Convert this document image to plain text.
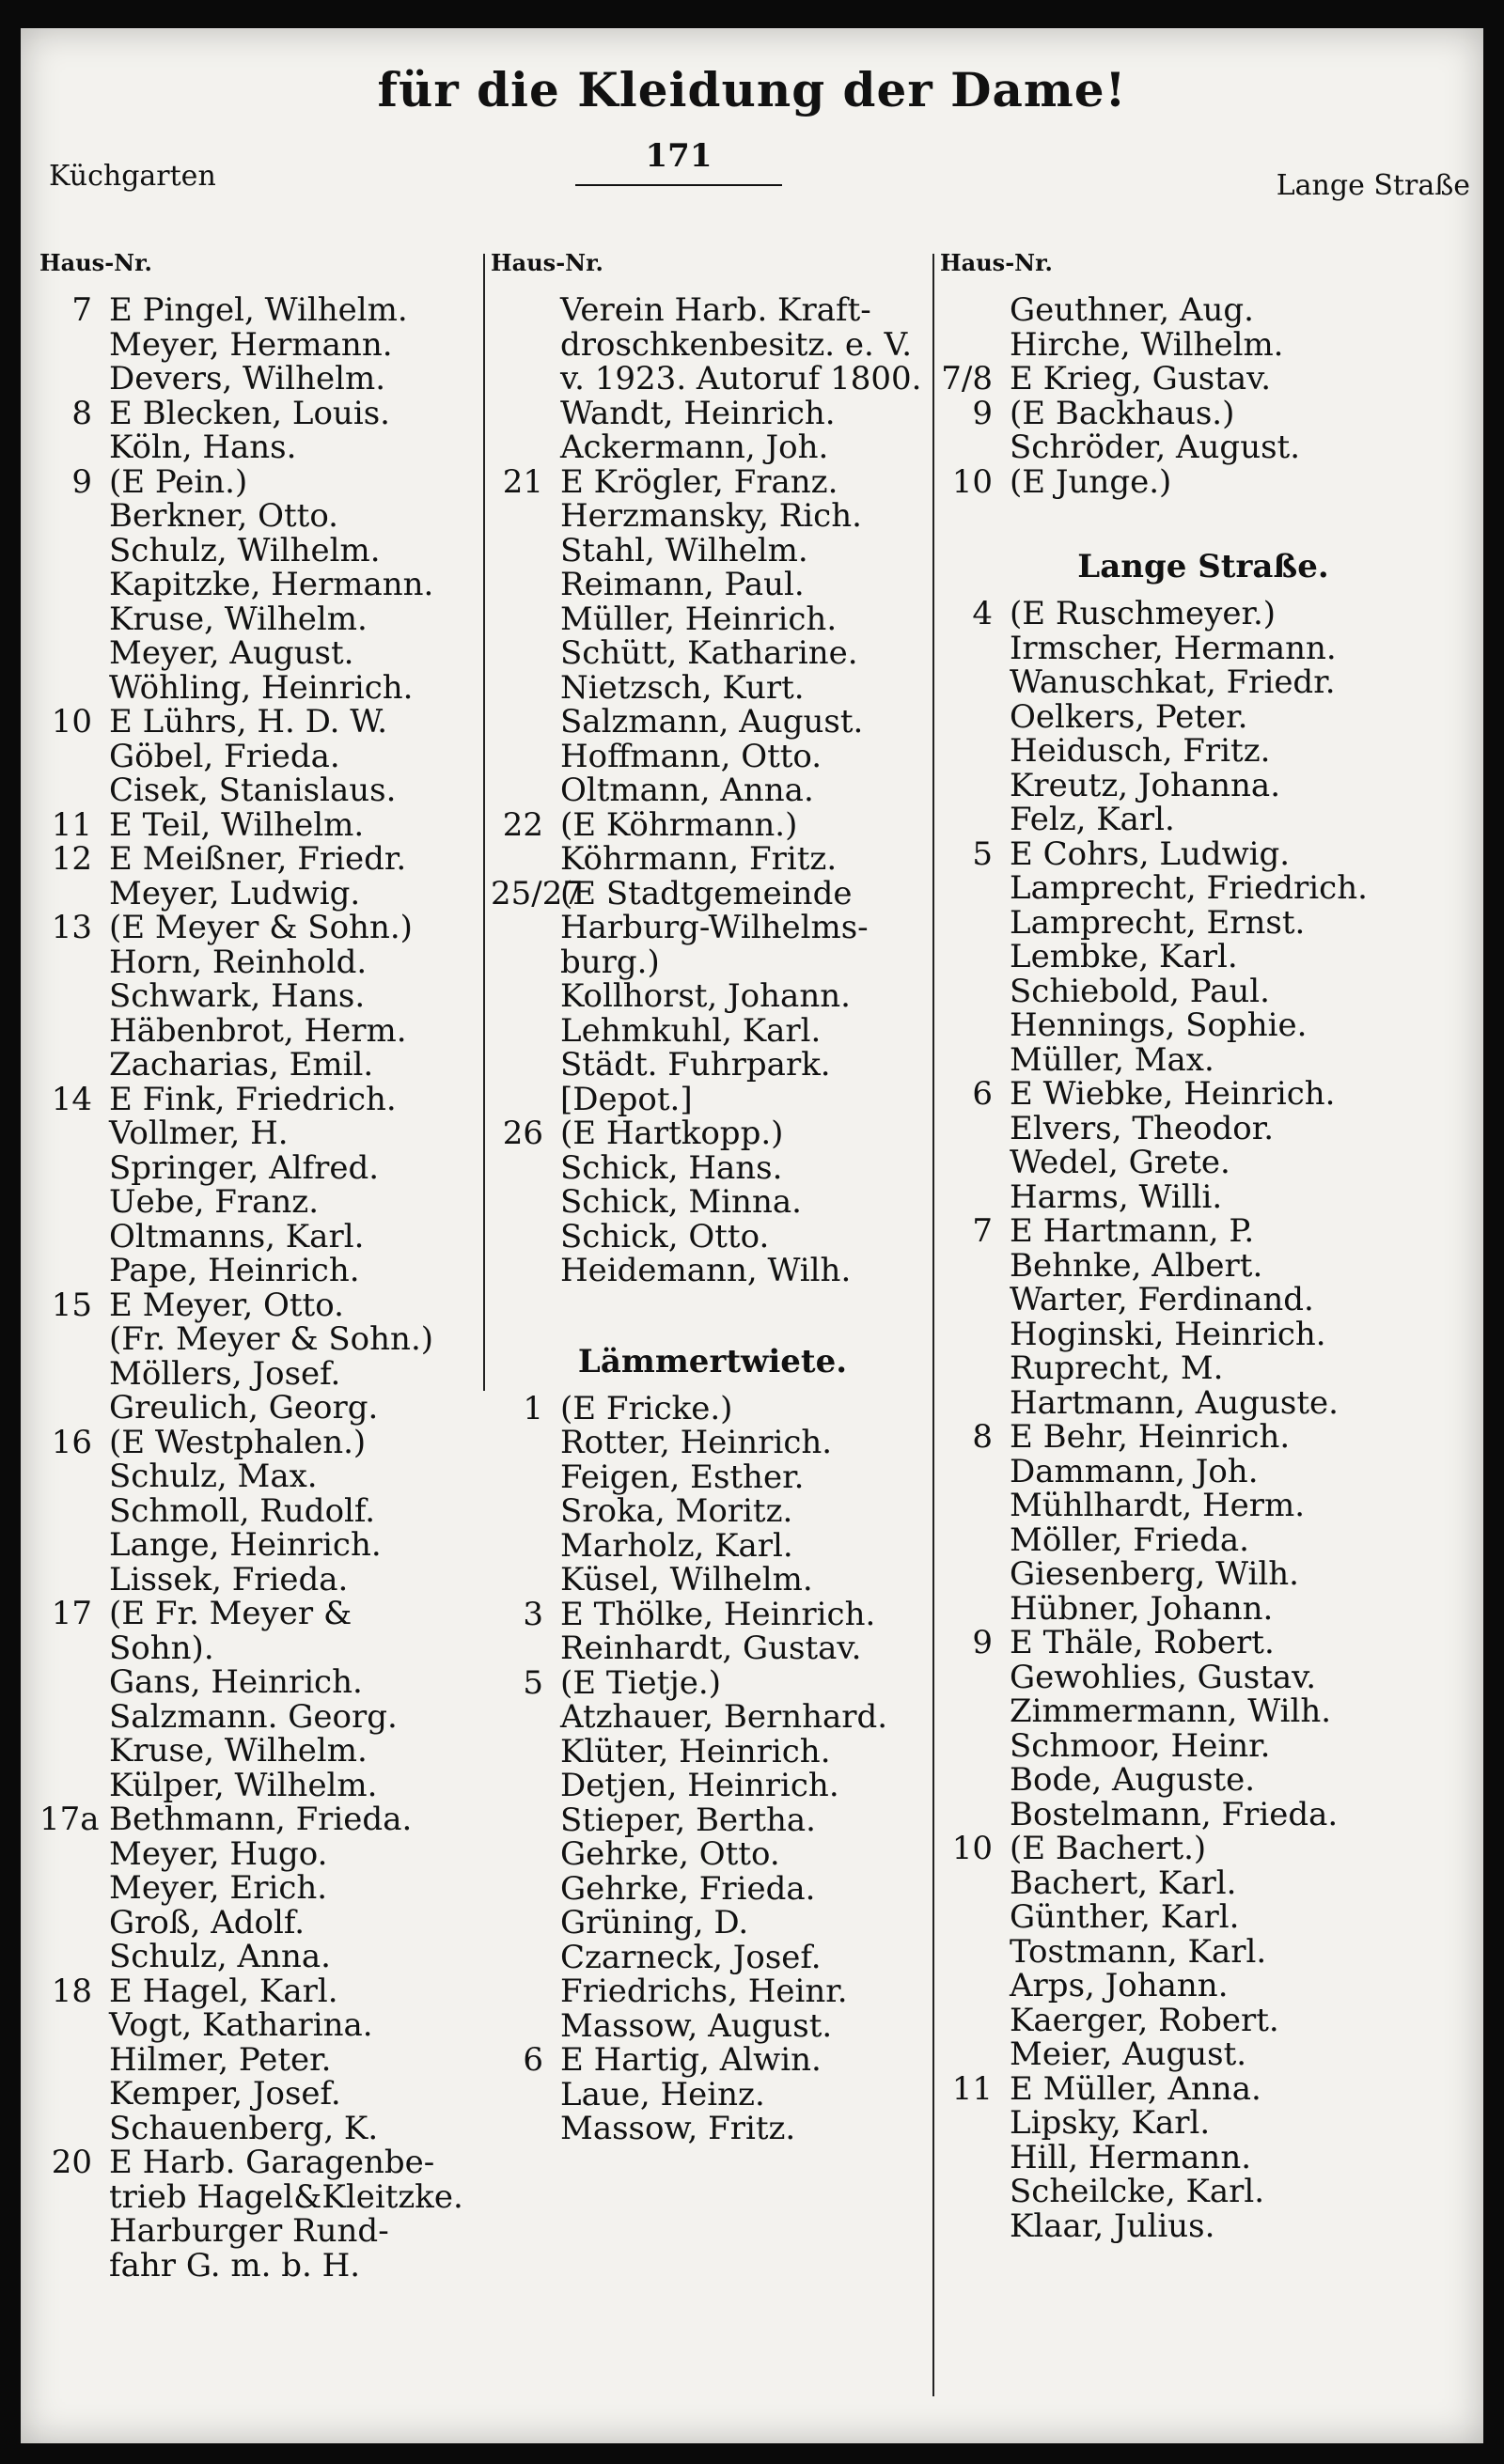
für die Kleidung der Dame!
Küchgarten
171
Lange Straße
Haus-Nr.
7 E Pingel, Wilhelm.
Meyer, Hermann.
Devers, Wilhelm.
8 E Blecken, Louis.
Köln, Hans.
9 (E Pein.)
Berkner, Otto.
Schulz, Wilhelm.
Kapitzke, Hermann.
Kruse, Wilhelm.
Meyer, August.
Wöhling, Heinrich.
10 E Lührs, H. D. W.
Göbel, Frieda.
Cisek, Stanislaus.
11 E Teil, Wilhelm.
12 E Meißner, Friedr.
Meyer, Ludwig.
13 (E Meyer & Sohn.)
Horn, Reinhold.
Schwark, Hans.
Häbenbrot, Herm.
Zacharias, Emil.
14 E Fink, Friedrich.
Vollmer, H.
Springer, Alfred.
Uebe, Franz.
Oltmanns, Karl.
Pape, Heinrich.
15 E Meyer, Otto.
(Fr. Meyer & Sohn.)
Möllers, Josef.
Greulich, Georg.
16 (E Westphalen.)
Schulz, Max.
Schmoll, Rudolf.
Lange, Heinrich.
Lissek, Frieda.
17 (E Fr. Meyer &
Sohn).
Gans, Heinrich.
Salzmann. Georg.
Kruse, Wilhelm.
Külper, Wilhelm.
17a Bethmann, Frieda.
Meyer, Hugo.
Meyer, Erich.
Groß, Adolf.
Schulz, Anna.
18 E Hagel, Karl.
Vogt, Katharina.
Hilmer, Peter.
Kemper, Josef.
Schauenberg, K.
20 E Harb. Garagenbe-
trieb Hagel&Kleitzke.
Harburger Rund-
fahr G. m. b. H.
Haus-Nr.
Verein Harb. Kraft-
droschkenbesitz. e. V.
v. 1923. Autoruf 1800.
Wandt, Heinrich.
Ackermann, Joh.
21 E Krögler, Franz.
Herzmansky, Rich.
Stahl, Wilhelm.
Reimann, Paul.
Müller, Heinrich.
Schütt, Katharine.
Nietzsch, Kurt.
Salzmann, August.
Hoffmann, Otto.
Oltmann, Anna.
22 (E Köhrmann.)
Köhrmann, Fritz.
25/27
(E Stadtgemeinde
Harburg-Wilhelms-
burg.)
Kollhorst, Johann.
Lehmkuhl, Karl.
Städt. Fuhrpark.
[Depot.]
26 (E Hartkopp.)
Schick, Hans.
Schick, Minna.
Schick, Otto.
Heidemann, Wilh.
Lämmertwiete.
1 (E Fricke.)
Rotter, Heinrich.
Feigen, Esther.
Sroka, Moritz.
Marholz, Karl.
Küsel, Wilhelm.
3 E Thölke, Heinrich.
Reinhardt, Gustav.
5 (E Tietje.)
Atzhauer, Bernhard.
Klüter, Heinrich.
Detjen, Heinrich.
Stieper, Bertha.
Gehrke, Otto.
Gehrke, Frieda.
Grüning, D.
Czarneck, Josef.
Friedrichs, Heinr.
Massow, August.
6 E Hartig, Alwin.
Laue, Heinz.
Massow, Fritz.
Haus-Nr.
Geuthner, Aug.
Hirche, Wilhelm.
7/8 E Krieg, Gustav.
9 (E Backhaus.)
Schröder, August.
10 (E Junge.)
Lange Straße.
4 (E Ruschmeyer.)
Irmscher, Hermann.
Wanuschkat, Friedr.
Oelkers, Peter.
Heidusch, Fritz.
Kreutz, Johanna.
Felz, Karl.
5 E Cohrs, Ludwig.
Lamprecht, Friedrich.
Lamprecht, Ernst.
Lembke, Karl.
Schiebold, Paul.
Hennings, Sophie.
Müller, Max.
6 E Wiebke, Heinrich.
Elvers, Theodor.
Wedel, Grete.
Harms, Willi.
7 E Hartmann, P.
Behnke, Albert.
Warter, Ferdinand.
Hoginski, Heinrich.
Ruprecht, M.
Hartmann, Auguste.
8 E Behr, Heinrich.
Dammann, Joh.
Mühlhardt, Herm.
Möller, Frieda.
Giesenberg, Wilh.
Hübner, Johann.
9 E Thäle, Robert.
Gewohlies, Gustav.
Zimmermann, Wilh.
Schmoor, Heinr.
Bode, Auguste.
Bostelmann, Frieda.
10 (E Bachert.)
Bachert, Karl.
Günther, Karl.
Tostmann, Karl.
Arps, Johann.
Kaerger, Robert.
Meier, August.
11 E Müller, Anna.
Lipsky, Karl.
Hill, Hermann.
Scheilcke, Karl.
Klaar, Julius.
